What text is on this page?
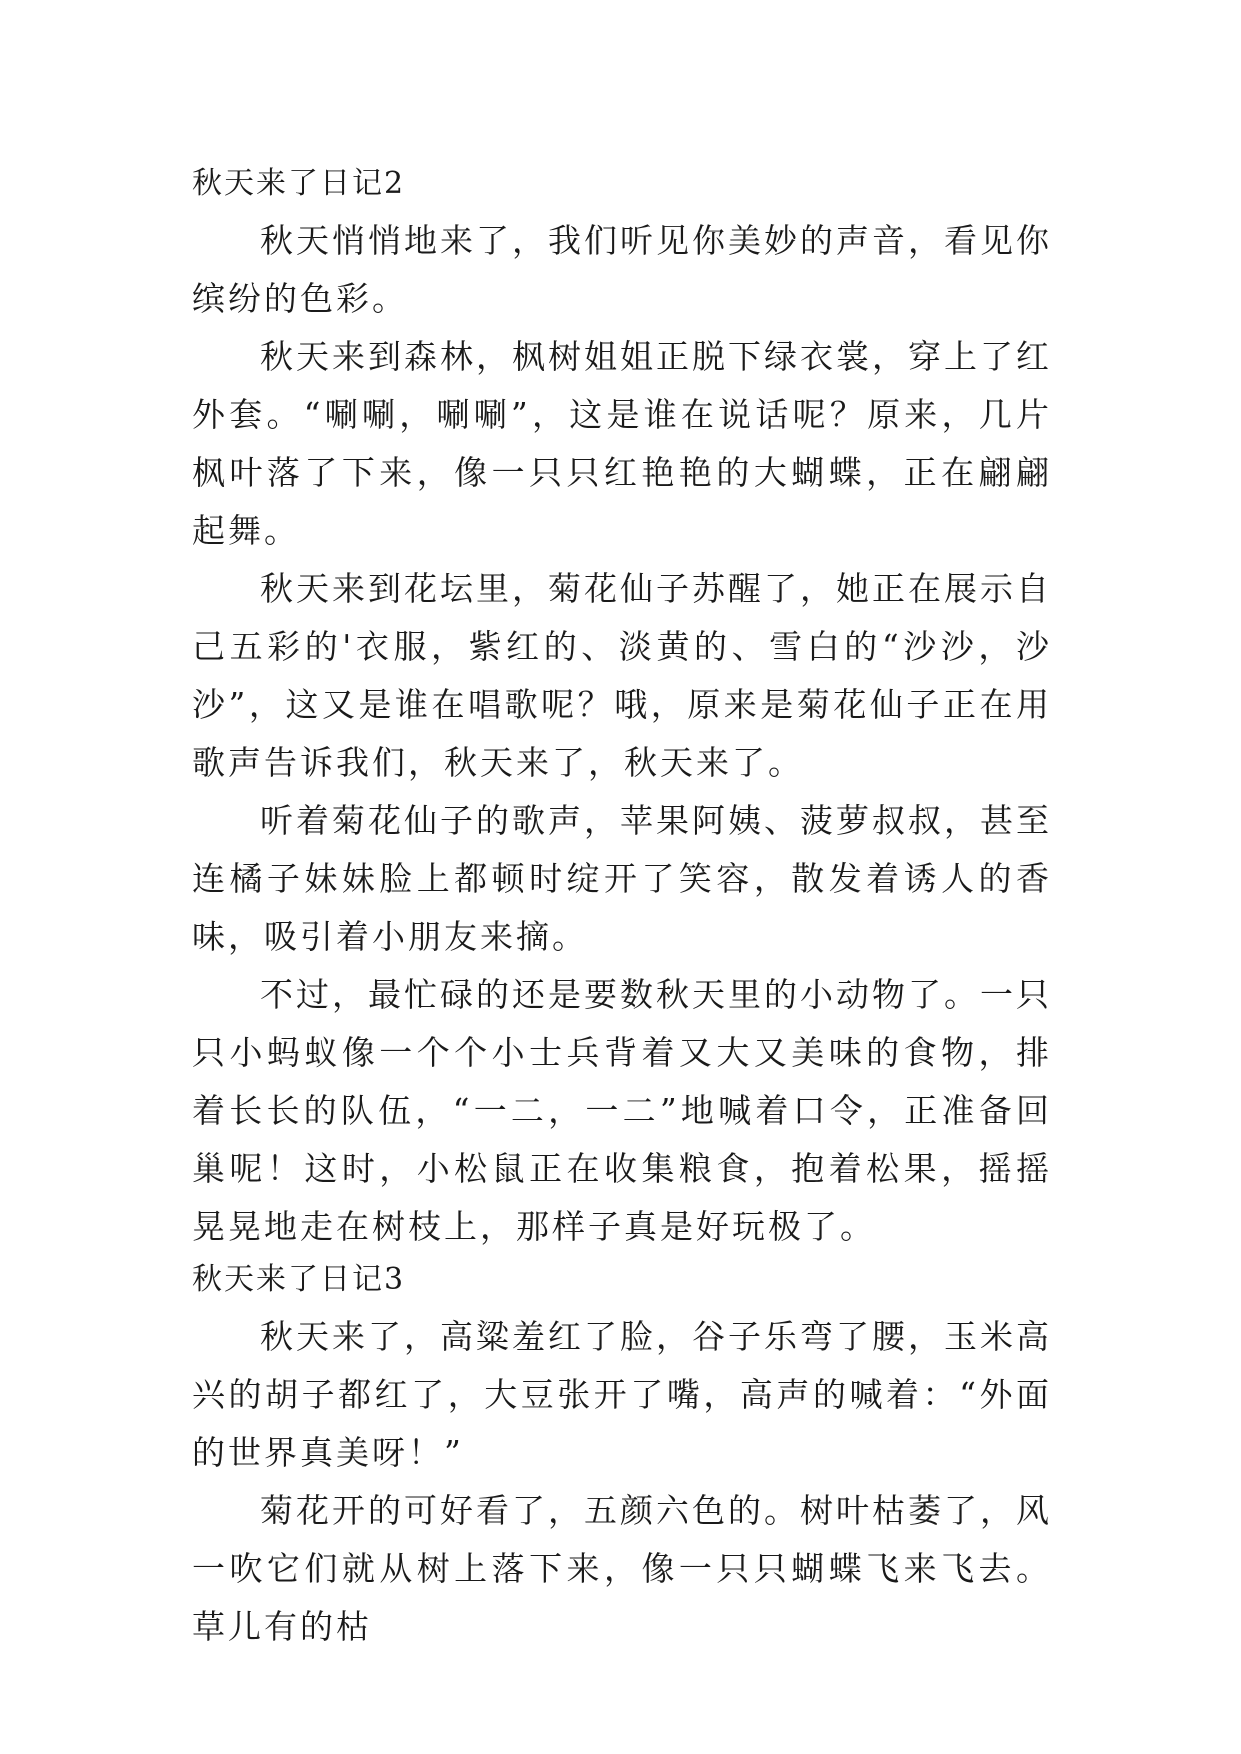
秋天来了日记2

秋天悄悄地来了，我们听见你美妙的声音，看见你缤纷的色彩。

秋天来到森林，枫树姐姐正脱下绿衣裳，穿上了红外套。“唰唰，唰唰”，这是谁在说话呢？原来，几片枫叶落了下来，像一只只红艳艳的大蝴蝶，正在翩翩起舞。

秋天来到花坛里，菊花仙子苏醒了，她正在展示自己五彩的'衣服，紫红的、淡黄的、雪白的“沙沙，沙沙”，这又是谁在唱歌呢？哦，原来是菊花仙子正在用歌声告诉我们，秋天来了，秋天来了。

听着菊花仙子的歌声，苹果阿姨、菠萝叔叔，甚至连橘子妹妹脸上都顿时绽开了笑容，散发着诱人的香味，吸引着小朋友来摘。

不过，最忙碌的还是要数秋天里的小动物了。一只只小蚂蚁像一个个小士兵背着又大又美味的食物，排着长长的队伍，“一二，一二”地喊着口令，正准备回巢呢！这时，小松鼠正在收集粮食，抱着松果，摇摇晃晃地走在树枝上，那样子真是好玩极了。

秋天来了日记3

秋天来了，高粱羞红了脸，谷子乐弯了腰，玉米高兴的胡子都红了，大豆张开了嘴，高声的喊着：“外面的世界真美呀！”

菊花开的可好看了，五颜六色的。树叶枯萎了，风一吹它们就从树上落下来，像一只只蝴蝶飞来飞去。草儿有的枯
